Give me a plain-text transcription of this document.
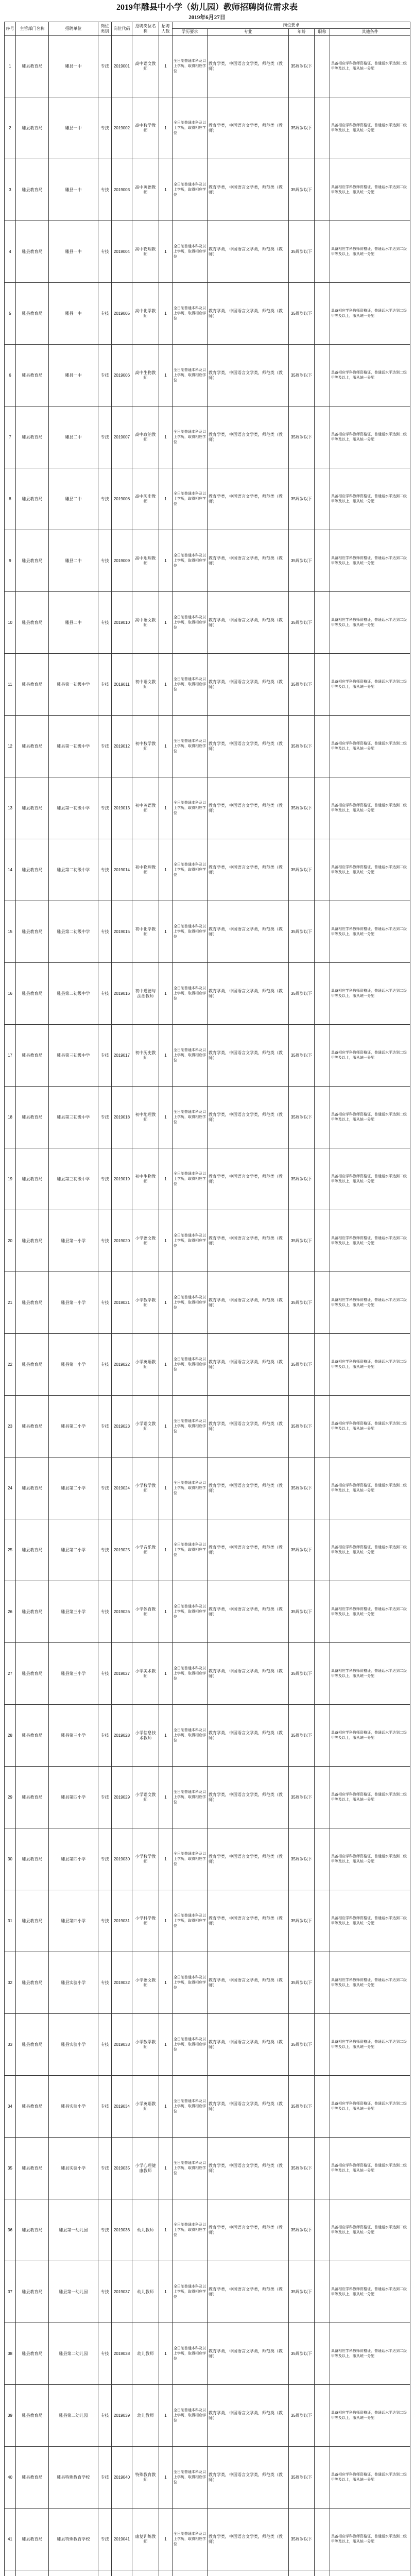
2019年雕县中小学（幼儿园）教师招聘岗位需求表
2019年6月27日
序号	主管部门名称	招聘单位	岗位类别	岗位代码	招聘岗位名称	招聘人数	岗位要求				
							学历要求	专业	年龄	职称	其他条件
1	雕县教育局	雕县一中	专技	2019001	高中语文教师	1	全日制普通本科及以上学历，取得相应学位	教育学类，中国语言文学类，师范类（教师）	35周岁以下		具备相应学科教师资格证，普通话水平达到二级甲等及以上，服从统一分配
2	雕县教育局	雕县一中	专技	2019002	高中数学教师	1	全日制普通本科及以上学历，取得相应学位	教育学类，中国语言文学类，师范类（教师）	35周岁以下		具备相应学科教师资格证，普通话水平达到二级甲等及以上，服从统一分配
3	雕县教育局	雕县一中	专技	2019003	高中英语教师	1	全日制普通本科及以上学历，取得相应学位	教育学类，中国语言文学类，师范类（教师）	35周岁以下		具备相应学科教师资格证，普通话水平达到二级甲等及以上，服从统一分配
4	雕县教育局	雕县一中	专技	2019004	高中物理教师	1	全日制普通本科及以上学历，取得相应学位	教育学类，中国语言文学类，师范类（教师）	35周岁以下		具备相应学科教师资格证，普通话水平达到二级甲等及以上，服从统一分配
5	雕县教育局	雕县一中	专技	2019005	高中化学教师	1	全日制普通本科及以上学历，取得相应学位	教育学类，中国语言文学类，师范类（教师）	35周岁以下		具备相应学科教师资格证，普通话水平达到二级甲等及以上，服从统一分配
6	雕县教育局	雕县一中	专技	2019006	高中生物教师	1	全日制普通本科及以上学历，取得相应学位	教育学类，中国语言文学类，师范类（教师）	35周岁以下		具备相应学科教师资格证，普通话水平达到二级甲等及以上，服从统一分配
7	雕县教育局	雕县二中	专技	2019007	高中政治教师	1	全日制普通本科及以上学历，取得相应学位	教育学类，中国语言文学类，师范类（教师）	35周岁以下		具备相应学科教师资格证，普通话水平达到二级甲等及以上，服从统一分配
8	雕县教育局	雕县二中	专技	2019008	高中历史教师	1	全日制普通本科及以上学历，取得相应学位	教育学类，中国语言文学类，师范类（教师）	35周岁以下		具备相应学科教师资格证，普通话水平达到二级甲等及以上，服从统一分配
9	雕县教育局	雕县二中	专技	2019009	高中地理教师	1	全日制普通本科及以上学历，取得相应学位	教育学类，中国语言文学类，师范类（教师）	35周岁以下		具备相应学科教师资格证，普通话水平达到二级甲等及以上，服从统一分配
10	雕县教育局	雕县二中	专技	2019010	高中语文教师	1	全日制普通本科及以上学历，取得相应学位	教育学类，中国语言文学类，师范类（教师）	35周岁以下		具备相应学科教师资格证，普通话水平达到二级甲等及以上，服从统一分配
11	雕县教育局	雕县第一初级中学	专技	2019011	初中语文教师	1	全日制普通本科及以上学历，取得相应学位	教育学类，中国语言文学类，师范类（教师）	35周岁以下		具备相应学科教师资格证，普通话水平达到二级甲等及以上，服从统一分配
12	雕县教育局	雕县第一初级中学	专技	2019012	初中数学教师	1	全日制普通本科及以上学历，取得相应学位	教育学类，中国语言文学类，师范类（教师）	35周岁以下		具备相应学科教师资格证，普通话水平达到二级甲等及以上，服从统一分配
13	雕县教育局	雕县第一初级中学	专技	2019013	初中英语教师	1	全日制普通本科及以上学历，取得相应学位	教育学类，中国语言文学类，师范类（教师）	35周岁以下		具备相应学科教师资格证，普通话水平达到二级甲等及以上，服从统一分配
14	雕县教育局	雕县第二初级中学	专技	2019014	初中物理教师	1	全日制普通本科及以上学历，取得相应学位	教育学类，中国语言文学类，师范类（教师）	35周岁以下		具备相应学科教师资格证，普通话水平达到二级甲等及以上，服从统一分配
15	雕县教育局	雕县第二初级中学	专技	2019015	初中化学教师	1	全日制普通本科及以上学历，取得相应学位	教育学类，中国语言文学类，师范类（教师）	35周岁以下		具备相应学科教师资格证，普通话水平达到二级甲等及以上，服从统一分配
16	雕县教育局	雕县第二初级中学	专技	2019016	初中道德与法治教师	1	全日制普通本科及以上学历，取得相应学位	教育学类，中国语言文学类，师范类（教师）	35周岁以下		具备相应学科教师资格证，普通话水平达到二级甲等及以上，服从统一分配
17	雕县教育局	雕县第三初级中学	专技	2019017	初中历史教师	1	全日制普通本科及以上学历，取得相应学位	教育学类，中国语言文学类，师范类（教师）	35周岁以下		具备相应学科教师资格证，普通话水平达到二级甲等及以上，服从统一分配
18	雕县教育局	雕县第三初级中学	专技	2019018	初中地理教师	1	全日制普通本科及以上学历，取得相应学位	教育学类，中国语言文学类，师范类（教师）	35周岁以下		具备相应学科教师资格证，普通话水平达到二级甲等及以上，服从统一分配
19	雕县教育局	雕县第三初级中学	专技	2019019	初中生物教师	1	全日制普通本科及以上学历，取得相应学位	教育学类，中国语言文学类，师范类（教师）	35周岁以下		具备相应学科教师资格证，普通话水平达到二级甲等及以上，服从统一分配
20	雕县教育局	雕县第一小学	专技	2019020	小学语文教师	1	全日制普通本科及以上学历，取得相应学位	教育学类，中国语言文学类，师范类（教师）	35周岁以下		具备相应学科教师资格证，普通话水平达到二级甲等及以上，服从统一分配
21	雕县教育局	雕县第一小学	专技	2019021	小学数学教师	1	全日制普通本科及以上学历，取得相应学位	教育学类，中国语言文学类，师范类（教师）	35周岁以下		具备相应学科教师资格证，普通话水平达到二级甲等及以上，服从统一分配
22	雕县教育局	雕县第一小学	专技	2019022	小学英语教师	1	全日制普通本科及以上学历，取得相应学位	教育学类，中国语言文学类，师范类（教师）	35周岁以下		具备相应学科教师资格证，普通话水平达到二级甲等及以上，服从统一分配
23	雕县教育局	雕县第二小学	专技	2019023	小学语文教师	1	全日制普通本科及以上学历，取得相应学位	教育学类，中国语言文学类，师范类（教师）	35周岁以下		具备相应学科教师资格证，普通话水平达到二级甲等及以上，服从统一分配
24	雕县教育局	雕县第二小学	专技	2019024	小学数学教师	1	全日制普通本科及以上学历，取得相应学位	教育学类，中国语言文学类，师范类（教师）	35周岁以下		具备相应学科教师资格证，普通话水平达到二级甲等及以上，服从统一分配
25	雕县教育局	雕县第二小学	专技	2019025	小学音乐教师	1	全日制普通本科及以上学历，取得相应学位	教育学类，中国语言文学类，师范类（教师）	35周岁以下		具备相应学科教师资格证，普通话水平达到二级甲等及以上，服从统一分配
26	雕县教育局	雕县第三小学	专技	2019026	小学体育教师	1	全日制普通本科及以上学历，取得相应学位	教育学类，中国语言文学类，师范类（教师）	35周岁以下		具备相应学科教师资格证，普通话水平达到二级甲等及以上，服从统一分配
27	雕县教育局	雕县第三小学	专技	2019027	小学美术教师	1	全日制普通本科及以上学历，取得相应学位	教育学类，中国语言文学类，师范类（教师）	35周岁以下		具备相应学科教师资格证，普通话水平达到二级甲等及以上，服从统一分配
28	雕县教育局	雕县第三小学	专技	2019028	小学信息技术教师	1	全日制普通本科及以上学历，取得相应学位	教育学类，中国语言文学类，师范类（教师）	35周岁以下		具备相应学科教师资格证，普通话水平达到二级甲等及以上，服从统一分配
29	雕县教育局	雕县第四小学	专技	2019029	小学语文教师	1	全日制普通本科及以上学历，取得相应学位	教育学类，中国语言文学类，师范类（教师）	35周岁以下		具备相应学科教师资格证，普通话水平达到二级甲等及以上，服从统一分配
30	雕县教育局	雕县第四小学	专技	2019030	小学数学教师	1	全日制普通本科及以上学历，取得相应学位	教育学类，中国语言文学类，师范类（教师）	35周岁以下		具备相应学科教师资格证，普通话水平达到二级甲等及以上，服从统一分配
31	雕县教育局	雕县第四小学	专技	2019031	小学科学教师	1	全日制普通本科及以上学历，取得相应学位	教育学类，中国语言文学类，师范类（教师）	35周岁以下		具备相应学科教师资格证，普通话水平达到二级甲等及以上，服从统一分配
32	雕县教育局	雕县实验小学	专技	2019032	小学语文教师	1	全日制普通本科及以上学历，取得相应学位	教育学类，中国语言文学类，师范类（教师）	35周岁以下		具备相应学科教师资格证，普通话水平达到二级甲等及以上，服从统一分配
33	雕县教育局	雕县实验小学	专技	2019033	小学数学教师	1	全日制普通本科及以上学历，取得相应学位	教育学类，中国语言文学类，师范类（教师）	35周岁以下		具备相应学科教师资格证，普通话水平达到二级甲等及以上，服从统一分配
34	雕县教育局	雕县实验小学	专技	2019034	小学英语教师	1	全日制普通本科及以上学历，取得相应学位	教育学类，中国语言文学类，师范类（教师）	35周岁以下		具备相应学科教师资格证，普通话水平达到二级甲等及以上，服从统一分配
35	雕县教育局	雕县实验小学	专技	2019035	小学心理健康教师	1	全日制普通本科及以上学历，取得相应学位	教育学类，中国语言文学类，师范类（教师）	35周岁以下		具备相应学科教师资格证，普通话水平达到二级甲等及以上，服从统一分配
36	雕县教育局	雕县第一幼儿园	专技	2019036	幼儿教师	1	全日制普通本科及以上学历，取得相应学位	教育学类，中国语言文学类，师范类（教师）	35周岁以下		具备相应学科教师资格证，普通话水平达到二级甲等及以上，服从统一分配
37	雕县教育局	雕县第一幼儿园	专技	2019037	幼儿教师	1	全日制普通本科及以上学历，取得相应学位	教育学类，中国语言文学类，师范类（教师）	35周岁以下		具备相应学科教师资格证，普通话水平达到二级甲等及以上，服从统一分配
38	雕县教育局	雕县第二幼儿园	专技	2019038	幼儿教师	1	全日制普通本科及以上学历，取得相应学位	教育学类，中国语言文学类，师范类（教师）	35周岁以下		具备相应学科教师资格证，普通话水平达到二级甲等及以上，服从统一分配
39	雕县教育局	雕县第二幼儿园	专技	2019039	幼儿教师	1	全日制普通本科及以上学历，取得相应学位	教育学类，中国语言文学类，师范类（教师）	35周岁以下		具备相应学科教师资格证，普通话水平达到二级甲等及以上，服从统一分配
40	雕县教育局	雕县特殊教育学校	专技	2019040	特殊教育教师	1	全日制普通本科及以上学历，取得相应学位	教育学类，中国语言文学类，师范类（教师）	35周岁以下		具备相应学科教师资格证，普通话水平达到二级甲等及以上，服从统一分配
41	雕县教育局	雕县特殊教育学校	专技	2019041	康复训练教师	1	全日制普通本科及以上学历，取得相应学位	教育学类，中国语言文学类，师范类（教师）	35周岁以下		具备相应学科教师资格证，普通话水平达到二级甲等及以上，服从统一分配
